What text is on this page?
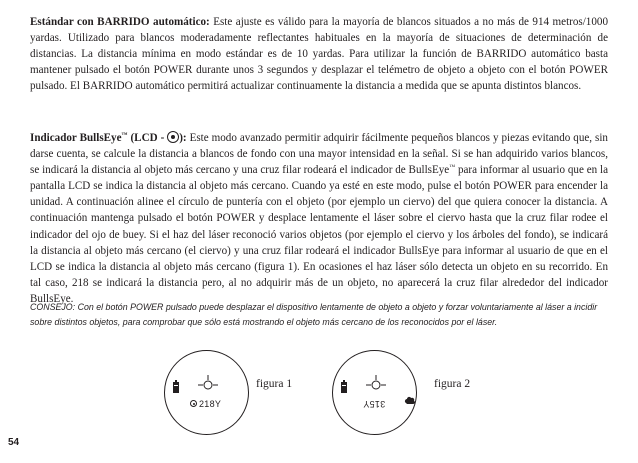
Estándar con BARRIDO automático: Este ajuste es válido para la mayoría de blancos situados a no más de 914 metros/1000 yardas. Utilizado para blancos moderadamente reflectantes habituales en la mayoría de situaciones de determinación de distancias. La distancia mínima en modo estándar es de 10 yardas. Para utilizar la función de BARRIDO automático basta mantener pulsado el botón POWER durante unos 3 segundos y desplazar el telémetro de objeto a objeto con el botón POWER pulsado. El BARRIDO automático permitirá actualizar continuamente la distancia a medida que se apunta distintos blancos.

Indicador BullsEye™ (LCD - ): Este modo avanzado permitir adquirir fácilmente pequeños blancos y piezas evitando que, sin darse cuenta, se calcule la distancia a blancos de fondo con una mayor intensidad en la señal. Si se han adquirido varios blancos, se indicará la distancia al objeto más cercano y una cruz filar rodeará el indicador de BullsEye™ para informar al usuario que en la pantalla LCD se indica la distancia al objeto más cercano. Cuando ya esté en este modo, pulse el botón POWER para encender la unidad. A continuación alinee el círculo de puntería con el objeto (por ejemplo un ciervo) del que quiera conocer la distancia. A continuación mantenga pulsado el botón POWER y desplace lentamente el láser sobre el ciervo hasta que la cruz filar rodee el indicador del ojo de buey. Si el haz del láser reconoció varios objetos (por ejemplo el ciervo y los árboles del fondo), se indicará la distancia al objeto más cercano (el ciervo) y una cruz filar rodeará el indicador BullsEye para informar al usuario de que en el LCD se indica la distancia al objeto más cercano (figura 1). En ocasiones el haz láser sólo detecta un objeto en su recorrido. En tal caso, 218 se indicará la distancia pero, al no adquirir más de un objeto, no aparecerá la cruz filar alrededor del indicador BullsEye.

CONSEJO: Con el botón POWER pulsado puede desplazar el dispositivo lentamente de objeto a objeto y forzar voluntariamente al láser a incidir sobre distintos objetos, para comprobar que sólo está mostrando el objeto más cercano de los reconocidos por el láser.

218Y
figura 1
315Y
figura 2
54
